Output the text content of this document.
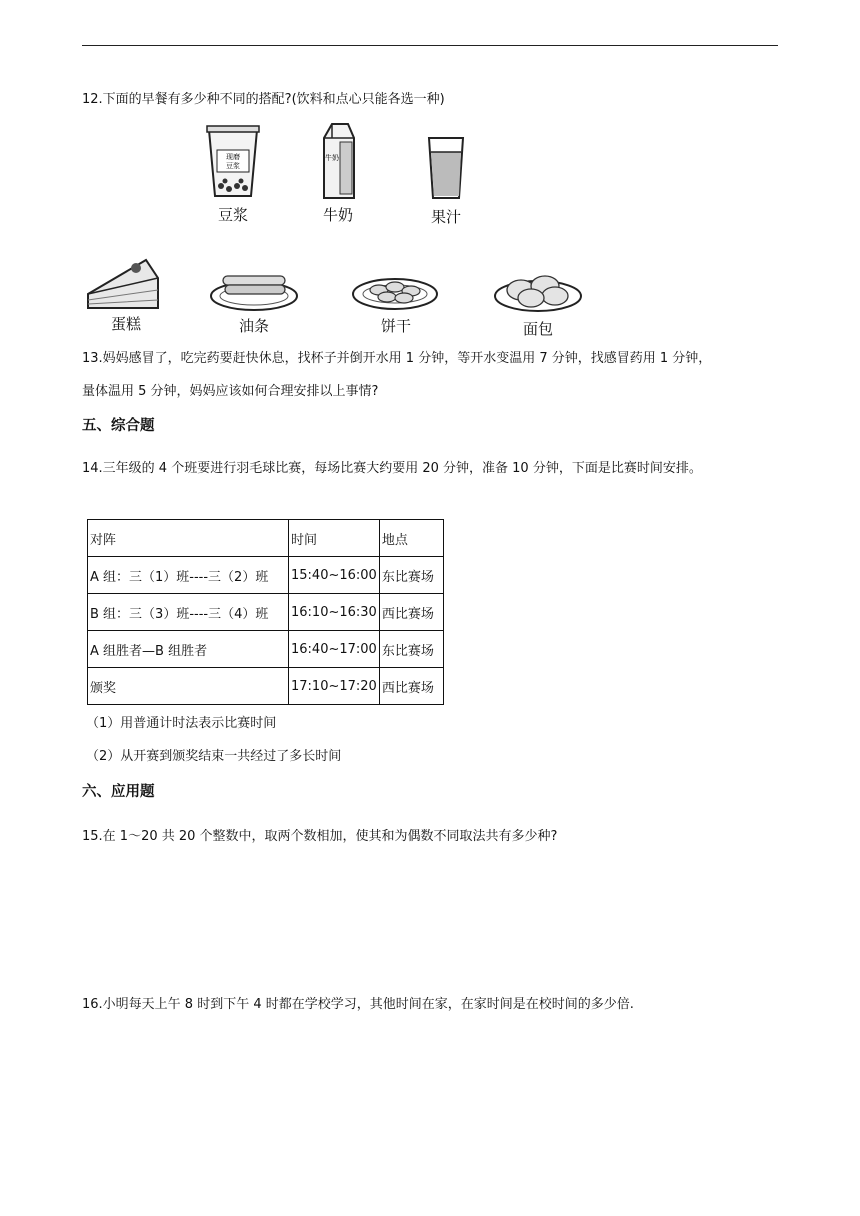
12.下面的早餐有多少种不同的搭配?(饮料和点心只能各选一种)
现磨
豆浆
豆浆
牛奶
牛奶	果汁
蛋糕	油条	饼干	面包
13.妈妈感冒了，吃完药要赶快休息，找杯子并倒开水用 1 分钟，等开水变温用 7 分钟，找感冒药用 1 分钟，
量体温用 5 分钟，妈妈应该如何合理安排以上事情?
五、综合题
14.三年级的 4 个班要进行羽毛球比赛，每场比赛大约要用 20 分钟，准备 10 分钟，下面是比赛时间安排。
对阵	时间	地点
A 组：三（1）班----三（2）班	15:40~16:00	东比赛场
B 组：三（3）班----三（4）班	16:10~16:30	西比赛场
A 组胜者—B 组胜者	16:40~17:00	东比赛场
颁奖	17:10~17:20	西比赛场
（1）用普通计时法表示比赛时间
（2）从开赛到颁奖结束一共经过了多长时间
六、应用题
15.在 1～20 共 20 个整数中，取两个数相加，使其和为偶数不同取法共有多少种?
16.小明每天上午 8 时到下午 4 时都在学校学习，其他时间在家，在家时间是在校时间的多少倍.
